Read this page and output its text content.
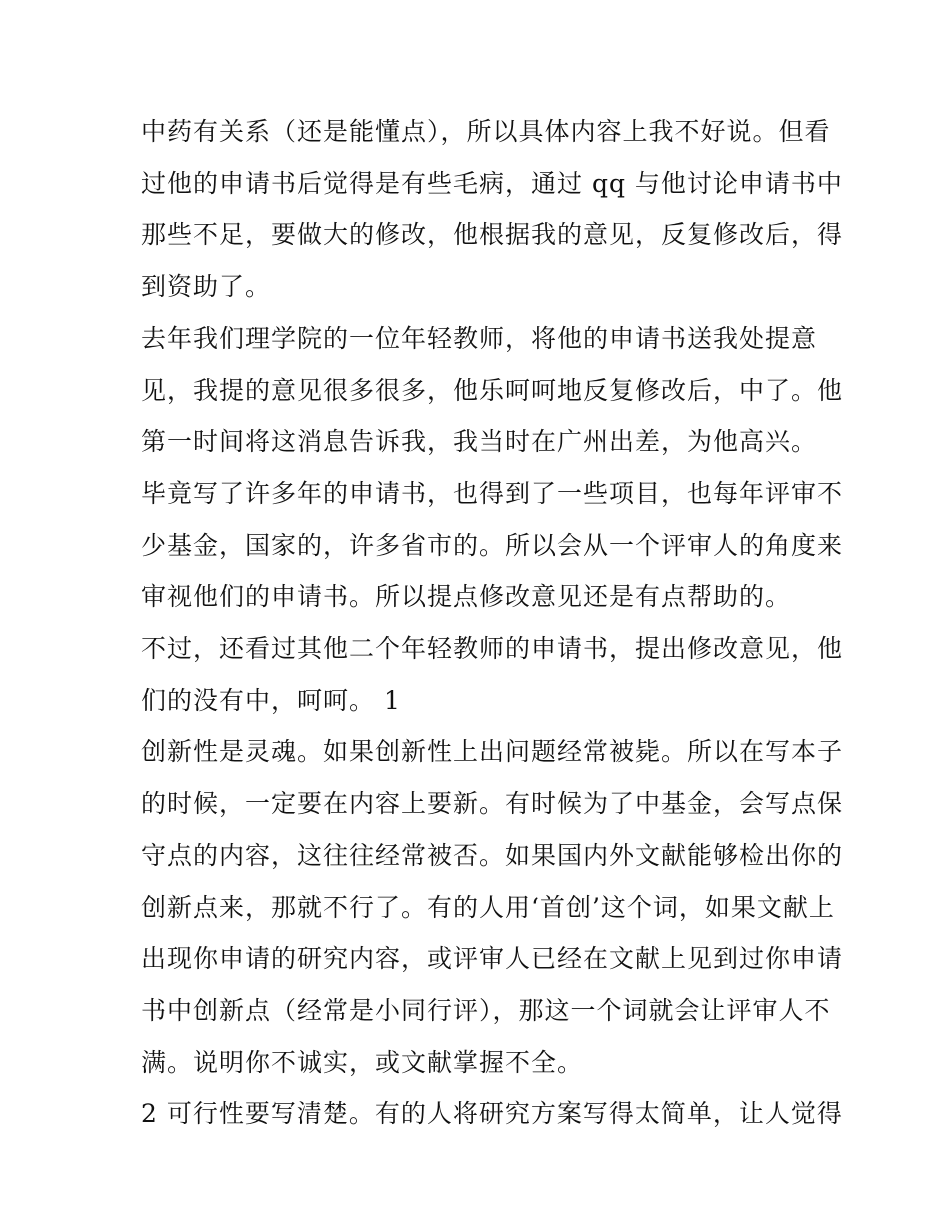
中药有关系（还是能懂点），所以具体内容上我不好说。但看
过他的申请书后觉得是有些毛病，通过 qq 与他讨论申请书中
那些不足，要做大的修改，他根据我的意见，反复修改后，得
到资助了。

去年我们理学院的一位年轻教师，将他的申请书送我处提意
见，我提的意见很多很多，他乐呵呵地反复修改后，中了。他
第一时间将这消息告诉我，我当时在广州出差，为他高兴。

毕竟写了许多年的申请书，也得到了一些项目，也每年评审不
少基金，国家的，许多省市的。所以会从一个评审人的角度来
审视他们的申请书。所以提点修改意见还是有点帮助的。

不过，还看过其他二个年轻教师的申请书，提出修改意见，他
们的没有中，呵呵。 1

创新性是灵魂。如果创新性上出问题经常被毙。所以在写本子
的时候，一定要在内容上要新。有时候为了中基金，会写点保
守点的内容，这往往经常被否。如果国内外文献能够检出你的
创新点来，那就不行了。有的人用‘首创’这个词，如果文献上
出现你申请的研究内容，或评审人已经在文献上见到过你申请
书中创新点（经常是小同行评），那这一个词就会让评审人不
满。说明你不诚实，或文献掌握不全。

2 可行性要写清楚。有的人将研究方案写得太简单，让人觉得
